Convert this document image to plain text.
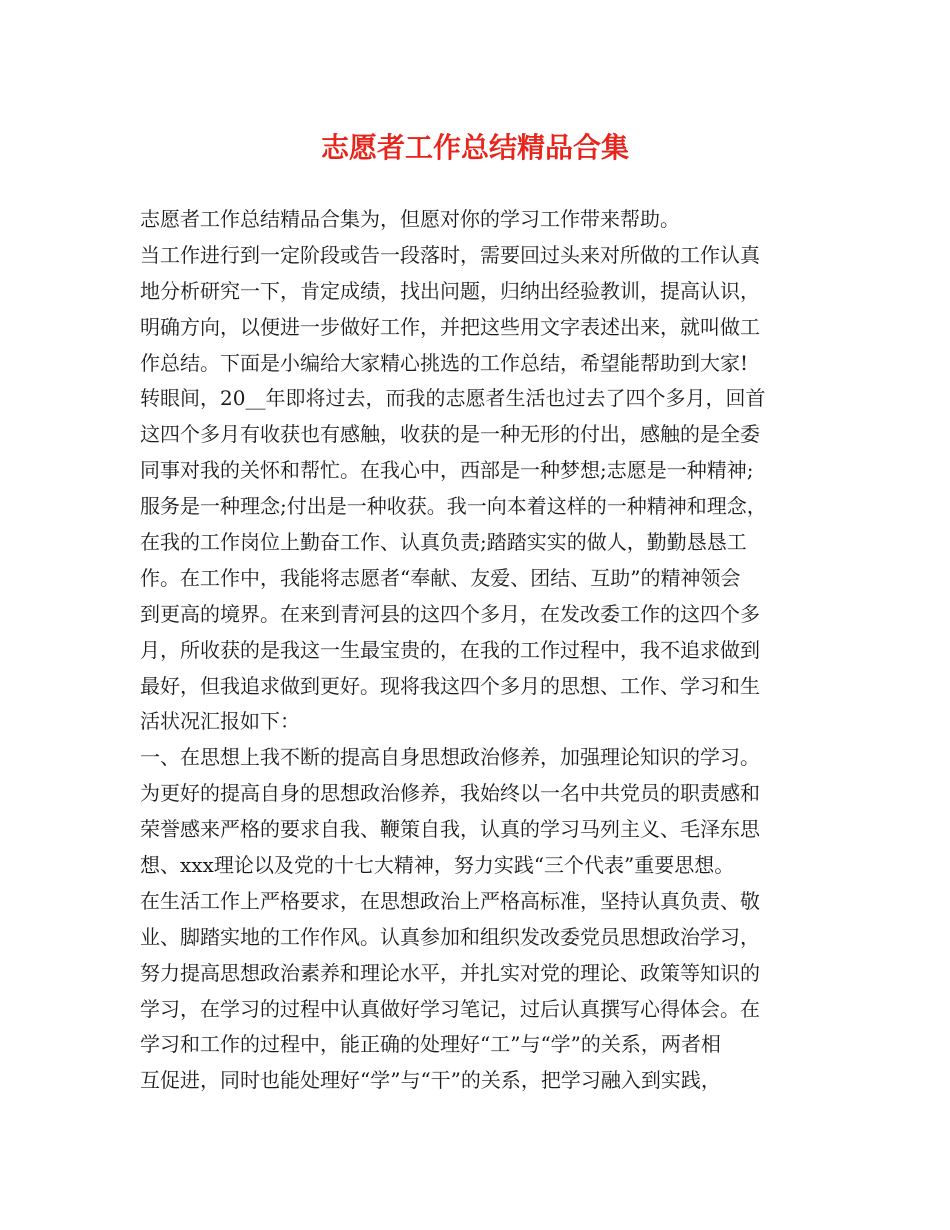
志愿者工作总结精品合集
志愿者工作总结精品合集为，但愿对你的学习工作带来帮助。
当工作进行到一定阶段或告一段落时，需要回过头来对所做的工作认真
地分析研究一下，肯定成绩，找出问题，归纳出经验教训，提高认识，
明确方向，以便进一步做好工作，并把这些用文字表述出来，就叫做工
作总结。下面是小编给大家精心挑选的工作总结，希望能帮助到大家!
转眼间，20__年即将过去，而我的志愿者生活也过去了四个多月，回首
这四个多月有收获也有感触，收获的是一种无形的付出，感触的是全委
同事对我的关怀和帮忙。在我心中，西部是一种梦想;志愿是一种精神;
服务是一种理念;付出是一种收获。我一向本着这样的一种精神和理念，
在我的工作岗位上勤奋工作、认真负责;踏踏实实的做人，勤勤恳恳工
作。在工作中，我能将志愿者“奉献、友爱、团结、互助”的精神领会
到更高的境界。在来到青河县的这四个多月，在发改委工作的这四个多
月，所收获的是我这一生最宝贵的，在我的工作过程中，我不追求做到
最好，但我追求做到更好。现将我这四个多月的思想、工作、学习和生
活状况汇报如下：
一、在思想上我不断的提高自身思想政治修养，加强理论知识的学习。
为更好的提高自身的思想政治修养，我始终以一名中共党员的职责感和
荣誉感来严格的要求自我、鞭策自我，认真的学习马列主义、毛泽东思
想、xxx理论以及党的十七大精神，努力实践“三个代表”重要思想。
在生活工作上严格要求，在思想政治上严格高标准，坚持认真负责、敬
业、脚踏实地的工作作风。认真参加和组织发改委党员思想政治学习，
努力提高思想政治素养和理论水平，并扎实对党的理论、政策等知识的
学习，在学习的过程中认真做好学习笔记，过后认真撰写心得体会。在
学习和工作的过程中，能正确的处理好“工”与“学”的关系，两者相
互促进，同时也能处理好“学”与“干”的关系，把学习融入到实践，
